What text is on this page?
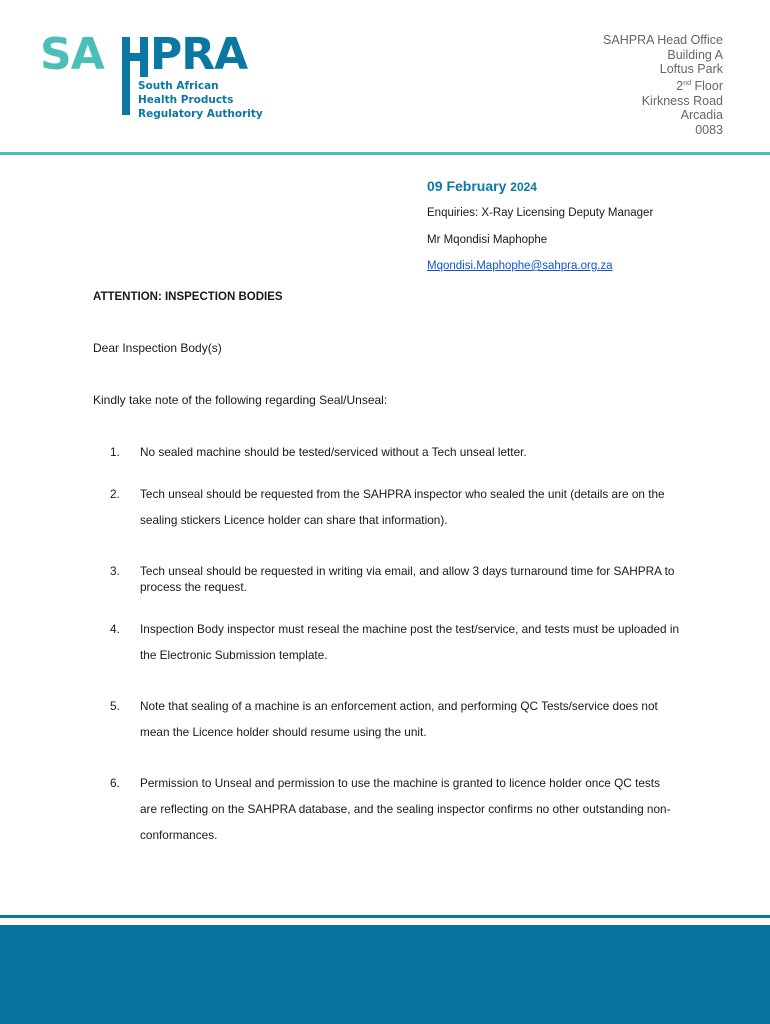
SA PRA
South African
Health Products
Regulatory Authority
SAHPRA Head Office
Building A
Loftus Park
2nd Floor
Kirkness Road
Arcadia
0083
09 February 2024
Enquiries: X-Ray Licensing Deputy Manager
Mr Mqondisi Maphophe
Mqondisi.Maphophe@sahpra.org.za
ATTENTION: INSPECTION BODIES
Dear Inspection Body(s)
Kindly take note of the following regarding Seal/Unseal:
1.	No sealed machine should be tested/serviced without a Tech unseal letter.
2.	Tech unseal should be requested from the SAHPRA inspector who sealed the unit (details are on the sealing stickers Licence holder can share that information).
3.	Tech unseal should be requested in writing via email, and allow 3 days turnaround time for SAHPRA to process the request.
4.	Inspection Body inspector must reseal the machine post the test/service, and tests must be uploaded in the Electronic Submission template.
5.	Note that sealing of a machine is an enforcement action, and performing QC Tests/service does not mean the Licence holder should resume using the unit.
6.	Permission to Unseal and permission to use the machine is granted to licence holder once QC tests are reflecting on the SAHPRA database, and the sealing inspector confirms no other outstanding non-conformances.
